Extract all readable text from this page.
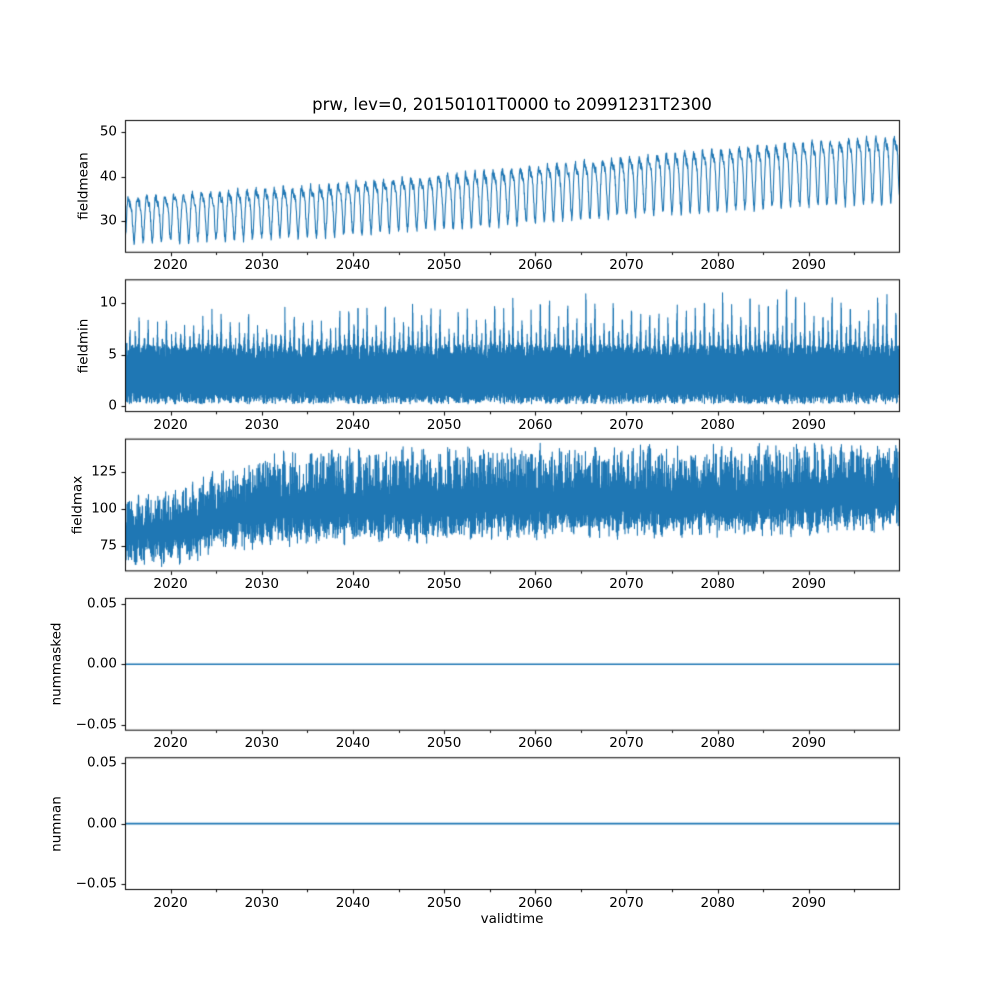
prw, lev=0, 20150101T0000 to 20991231T2300
validtime
fieldmean
30
40
50
2020	2030	2040	2050	2060	2070	2080	2090
fieldmin
0
5
10
2020	2030	2040	2050	2060	2070	2080	2090
fieldmax
75
100
125
2020	2030	2040	2050	2060	2070	2080	2090
nummasked
0.05
0.00
−0.05
2020	2030	2040	2050	2060	2070	2080	2090
numnan
0.05
0.00
−0.05
2020	2030	2040	2050	2060	2070	2080	2090
